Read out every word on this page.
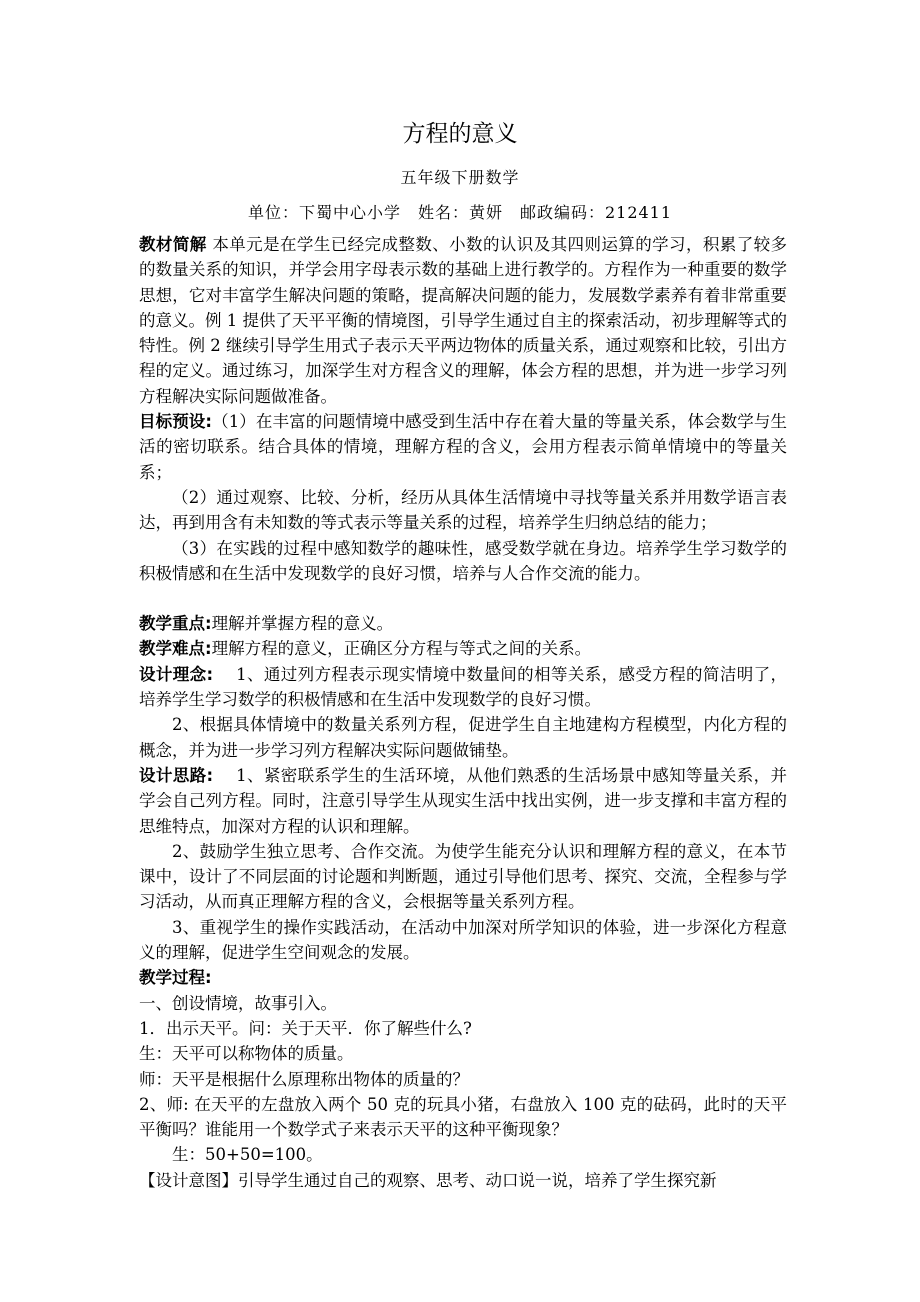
方程的意义
五年级下册数学
单位：下蜀中心小学　姓名：黄妍　邮政编码：212411

教材简解 本单元是在学生已经完成整数、小数的认识及其四则运算的学习，积累了较多的数量关系的知识，并学会用字母表示数的基础上进行教学的。方程作为一种重要的数学思想，它对丰富学生解决问题的策略，提高解决问题的能力，发展数学素养有着非常重要的意义。例 1 提供了天平平衡的情境图，引导学生通过自主的探索活动，初步理解等式的特性。例 2 继续引导学生用式子表示天平两边物体的质量关系，通过观察和比较，引出方程的定义。通过练习，加深学生对方程含义的理解，体会方程的思想，并为进一步学习列方程解决实际问题做准备。

目标预设:（1）在丰富的问题情境中感受到生活中存在着大量的等量关系，体会数学与生活的密切联系。结合具体的情境，理解方程的含义，会用方程表示简单情境中的等量关系；

（2）通过观察、比较、分析，经历从具体生活情境中寻找等量关系并用数学语言表达，再到用含有未知数的等式表示等量关系的过程，培养学生归纳总结的能力；

（3）在实践的过程中感知数学的趣味性，感受数学就在身边。培养学生学习数学的积极情感和在生活中发现数学的良好习惯，培养与人合作交流的能力。

教学重点:理解并掌握方程的意义。

教学难点:理解方程的意义，正确区分方程与等式之间的关系。

设计理念:　 1、通过列方程表示现实情境中数量间的相等关系，感受方程的简洁明了，培养学生学习数学的积极情感和在生活中发现数学的良好习惯。

2、根据具体情境中的数量关系列方程，促进学生自主地建构方程模型，内化方程的概念，并为进一步学习列方程解决实际问题做铺垫。

设计思路:　 1、紧密联系学生的生活环境，从他们熟悉的生活场景中感知等量关系，并学会自己列方程。同时，注意引导学生从现实生活中找出实例，进一步支撑和丰富方程的思维特点，加深对方程的认识和理解。

2、鼓励学生独立思考、合作交流。为使学生能充分认识和理解方程的意义，在本节课中，设计了不同层面的讨论题和判断题，通过引导他们思考、探究、交流，全程参与学习活动，从而真正理解方程的含义，会根据等量关系列方程。

3、重视学生的操作实践活动，在活动中加深对所学知识的体验，进一步深化方程意义的理解，促进学生空间观念的发展。

教学过程:

一、创设情境，故事引入。

1．出示天平。问：关于天平．你了解些什么?

生：天平可以称物体的质量。

师：天平是根据什么原理称出物体的质量的？

2、师: 在天平的左盘放入两个 50 克的玩具小猪，右盘放入 100 克的砝码，此时的天平平衡吗？谁能用一个数学式子来表示天平的这种平衡现象？

生：50+50=100。

【设计意图】引导学生通过自己的观察、思考、动口说一说，培养了学生探究新
